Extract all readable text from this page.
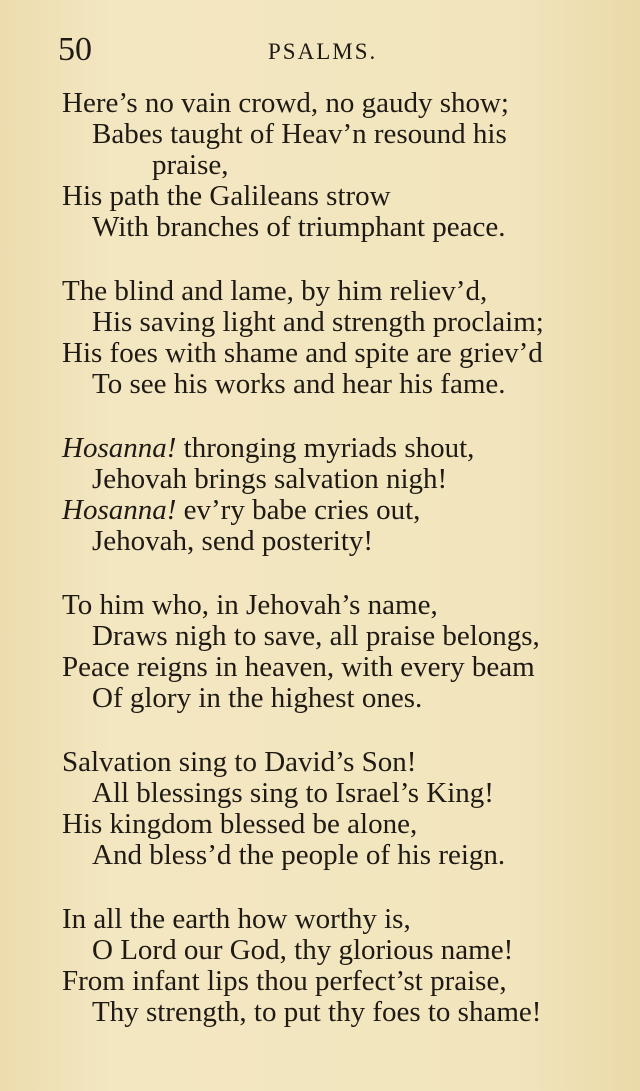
50	PSALMS.
Here’s no vain crowd, no gaudy show;
Babes taught of Heav’n resound his
praise,
His path the Galileans strow
With branches of triumphant peace.
The blind and lame, by him reliev’d,
His saving light and strength proclaim;
His foes with shame and spite are griev’d
To see his works and hear his fame.
Hosanna! thronging myriads shout,
Jehovah brings salvation nigh!
Hosanna! ev’ry babe cries out,
Jehovah, send posterity!
To him who, in Jehovah’s name,
Draws nigh to save, all praise belongs,
Peace reigns in heaven, with every beam
Of glory in the highest ones.
Salvation sing to David’s Son!
All blessings sing to Israel’s King!
His kingdom blessed be alone,
And bless’d the people of his reign.
In all the earth how worthy is,
O Lord our God, thy glorious name!
From infant lips thou perfect’st praise,
Thy strength, to put thy foes to shame!
